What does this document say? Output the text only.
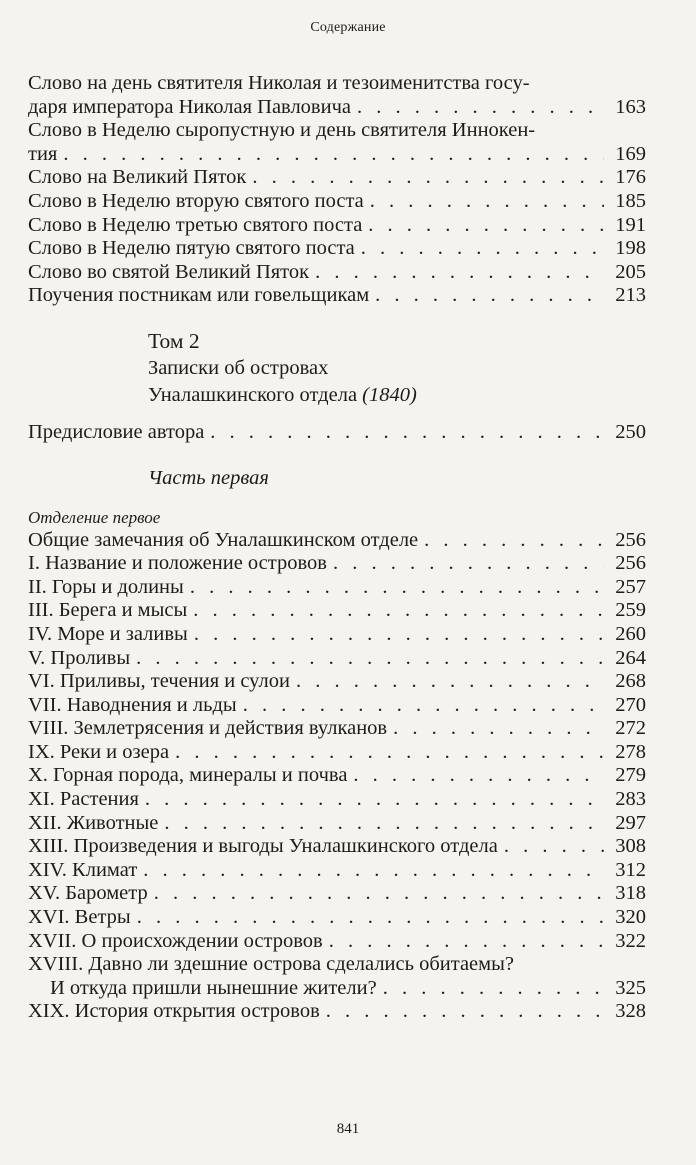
Содержание
Слово на день святителя Николая и тезоименитства госу-
даря императора Николая Павловича . . .	163
Слово в Неделю сыропустную и день святителя Иннокен-
тия . . .	169
Слово на Великий Пяток . . .	176
Слово в Неделю вторую святого поста . . .	185
Слово в Неделю третью святого поста . . .	191
Слово в Неделю пятую святого поста . . .	198
Слово во святой Великий Пяток . . .	205
Поучения постникам или говельщикам . . .	213
Том 2
Записки об островах
Уналашкинского отдела (1840)
Предисловие автора . . .	250
Часть первая
Отделение первое
Общие замечания об Уналашкинском отделе . . .	256
I. Название и положение островов . . .	256
II. Горы и долины . . .	257
III. Берега и мысы . . .	259
IV. Море и заливы . . .	260
V. Проливы . . .	264
VI. Приливы, течения и сулои . . .	268
VII. Наводнения и льды . . .	270
VIII. Землетрясения и действия вулканов . . .	272
IX. Реки и озера . . .	278
X. Горная порода, минералы и почва . . .	279
XI. Растения . . .	283
XII. Животные . . .	297
XIII. Произведения и выгоды Уналашкинского отдела . . .	308
XIV. Климат . . .	312
XV. Барометр . . .	318
XVI. Ветры . . .	320
XVII. О происхождении островов . . .	322
XVIII. Давно ли здешние острова сделались обитаемы?
И откуда пришли нынешние жители? . . .	325
XIX. История открытия островов . . .	328
841
